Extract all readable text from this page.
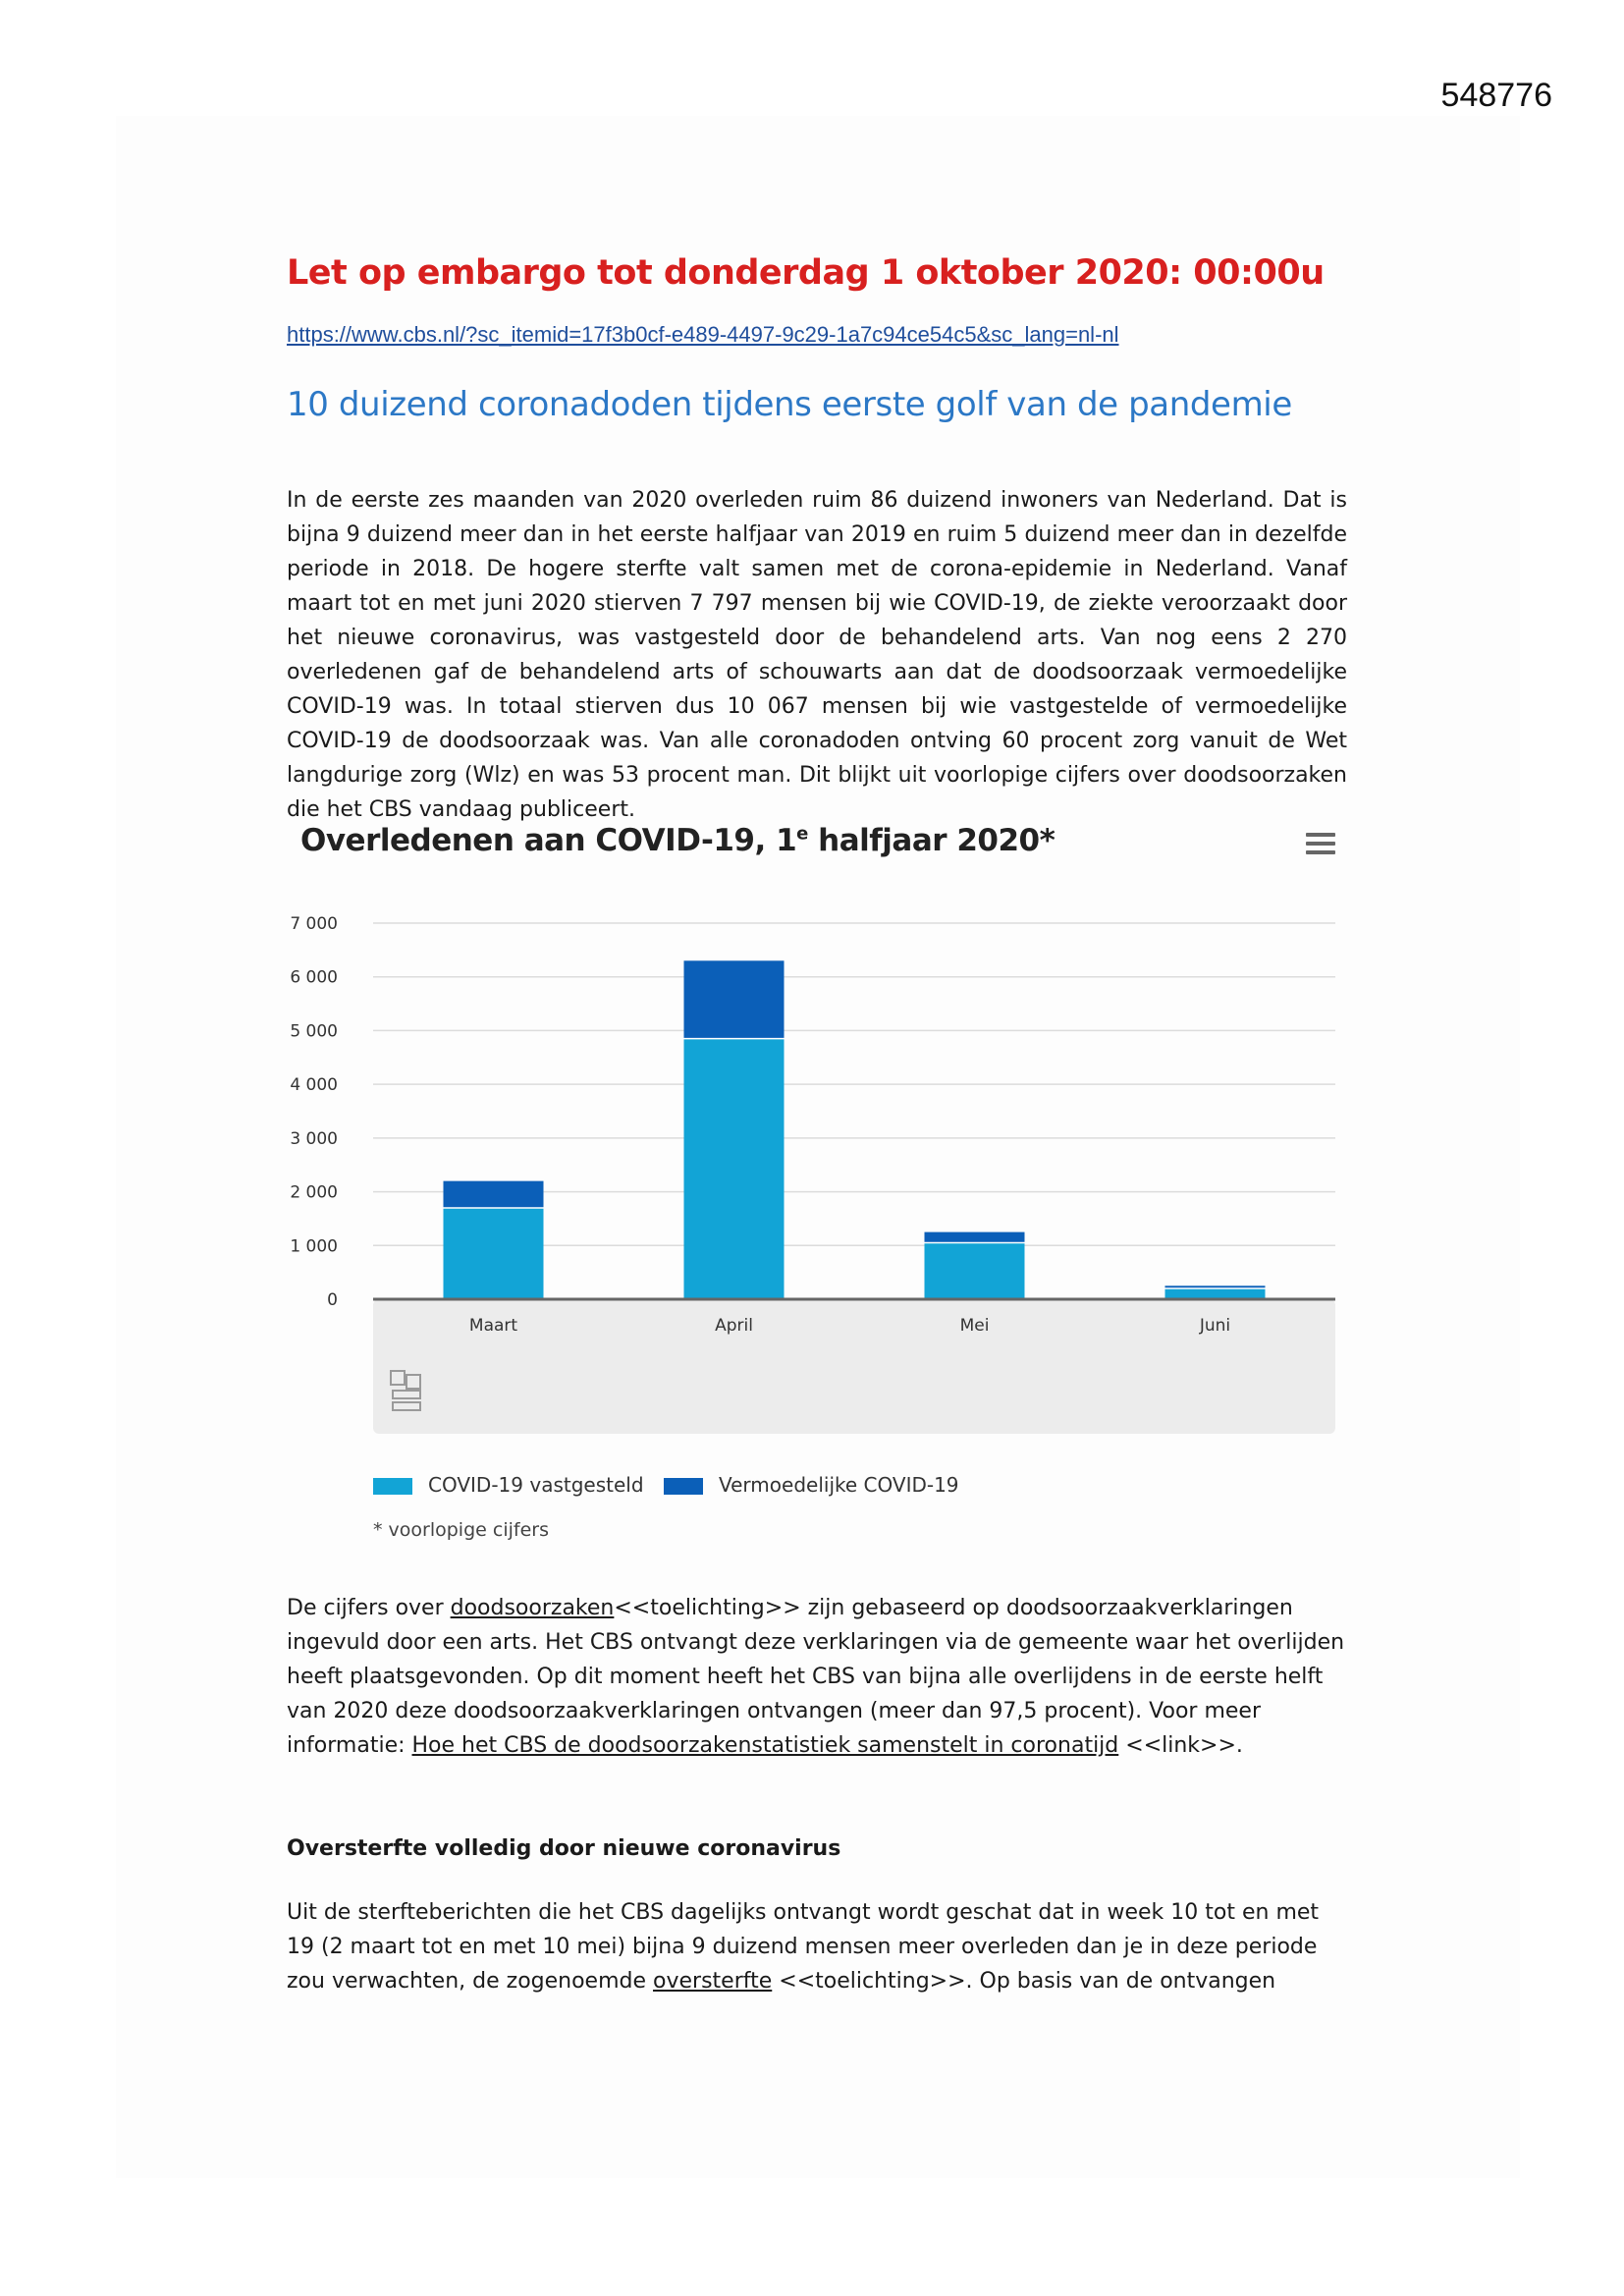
548776
Let op embargo tot donderdag 1 oktober 2020: 00:00u
https://www.cbs.nl/?sc_itemid=17f3b0cf-e489-4497-9c29-1a7c94ce54c5&sc_lang=nl-nl
10 duizend coronadoden tijdens eerste golf van de pandemie

In de eerste zes maanden van 2020 overleden ruim 86 duizend inwoners van Nederland. Dat is bijna 9 duizend meer dan in het eerste halfjaar van 2019 en ruim 5 duizend meer dan in dezelfde periode in 2018. De hogere sterfte valt samen met de corona-epidemie in Nederland. Vanaf maart tot en met juni 2020 stierven 7 797 mensen bij wie COVID-19, de ziekte veroorzaakt door het nieuwe coronavirus, was vastgesteld door de behandelend arts. Van nog eens 2 270 overledenen gaf de behandelend arts of schouwarts aan dat de doodsoorzaak vermoedelijke COVID-19 was. In totaal stierven dus 10 067 mensen bij wie vastgestelde of vermoedelijke COVID-19 de doodsoorzaak was. Van alle coronadoden ontving 60 procent zorg vanuit de Wet langdurige zorg (Wlz) en was 53 procent man. Dit blijkt uit voorlopige cijfers over doodsoorzaken die het CBS vandaag publiceert.

Overledenen aan COVID-19, 1e halfjaar 2020*
0
1 000
2 000
3 000
4 000
5 000
6 000
7 000
Maart	April	Mei	Juni
COVID-19 vastgesteld	Vermoedelijke COVID-19
* voorlopige cijfers

De cijfers over doodsoorzaken<<toelichting>> zijn gebaseerd op doodsoorzaakverklaringen ingevuld door een arts. Het CBS ontvangt deze verklaringen via de gemeente waar het overlijden heeft plaatsgevonden. Op dit moment heeft het CBS van bijna alle overlijdens in de eerste helft van 2020 deze doodsoorzaakverklaringen ontvangen (meer dan 97,5 procent). Voor meer informatie: Hoe het CBS de doodsoorzakenstatistiek samenstelt in coronatijd <<link>>.

Oversterfte volledig door nieuwe coronavirus

Uit de sterfteberichten die het CBS dagelijks ontvangt wordt geschat dat in week 10 tot en met 19 (2 maart tot en met 10 mei) bijna 9 duizend mensen meer overleden dan je in deze periode zou verwachten, de zogenoemde oversterfte <<toelichting>>. Op basis van de ontvangen
